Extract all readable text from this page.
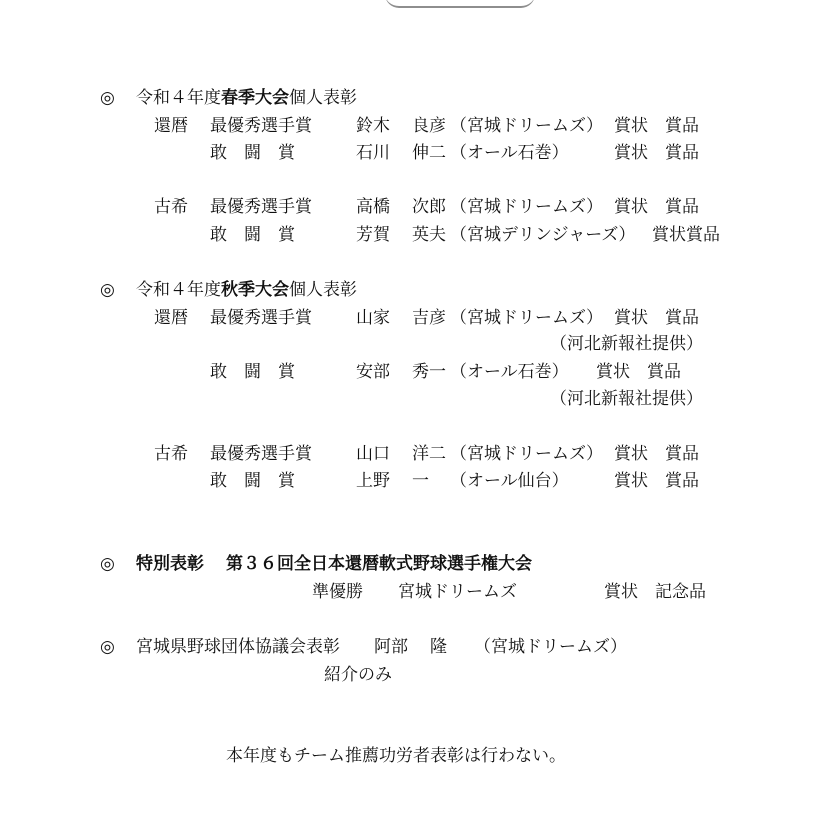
◎ 令和４年度春季大会個人表彰
還暦 最優秀選手賞	鈴木 良彦 （宮城ドリームズ） 賞状　賞品
敢　闘　賞	石川 伸二 （オール石巻）	賞状　賞品
古希 最優秀選手賞	高橋 次郎 （宮城ドリームズ） 賞状　賞品
敢　闘　賞	芳賀 英夫 （宮城デリンジャーズ） 賞状賞品
◎ 令和４年度秋季大会個人表彰
還暦 最優秀選手賞	山家 吉彦 （宮城ドリームズ） 賞状　賞品
（河北新報社提供）
敢　闘　賞	安部 秀一 （オール石巻） 賞状　賞品
（河北新報社提供）
古希 最優秀選手賞	山口 洋二 （宮城ドリームズ） 賞状　賞品
敢　闘　賞	上野 一 （オール仙台）	賞状　賞品
◎ 特別表彰 第３６回全日本還暦軟式野球選手権大会
準優勝 宮城ドリームズ	賞状　記念品
◎ 宮城県野球団体協議会表彰 阿部 隆 （宮城ドリームズ）
紹介のみ
本年度もチーム推薦功労者表彰は行わない。
